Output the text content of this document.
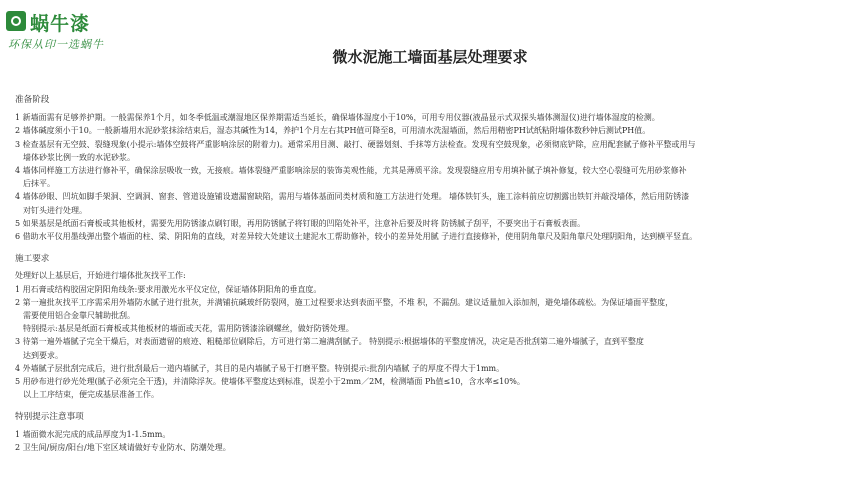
蜗牛漆
环保从印一选蜗牛
微水泥施工墙面基层处理要求

准备阶段

1 新墙面需有足够养护期。一般需保养1个月，如冬季低温或潮湿地区保养期需适当延长，确保墙体湿度小于10%，可用专用仪器(液晶显示式双探头墙体测湿仪)进行墙体湿度的检测。

2 墙体碱度须小于10。一般新墙用水泥砂浆抹涂结束后，湿态其碱性为14，养护1个月左右其PH值可降至8，可用清水洗湿墙面，然后用精密PH试纸粘附墙体数秒钟后测试PH值。

3 检查基层有无空鼓、裂缝现象(小提示:墙体空鼓将严重影响涂层的附着力)。通常采用目测、敲打、硬器划刻、手抹等方法检查。发现有空鼓现象，必须彻底铲除，应用配套腻子修补平整或用与

墙体砂浆比例一致的水泥砂浆。

4 墙体同样施工方法进行修补平，确保涂层吸收一致，无接痕。墙体裂缝严重影响涂层的装饰美观性能，尤其是薄质平涂。发现裂缝应用专用填补腻子填补修复，较大空心裂缝可先用砂浆修补

后抹平。

4 墙体砂眼、凹坑如脚手架洞、空调洞、窗套、管道设施铺设遗漏窗缺陷，需用与墙体基面同类材质和施工方法进行处理。 墙体铁钉头，施工涂料前应切割露出铁钉并敲没墙体，然后用防锈漆

对钉头进行处理。

5 如果基层是纸面石膏板或其他板材，需要先用防锈漆点刷钉眼，再用防锈腻子将钉眼的凹陷处补平，注意补后要及时将 防锈腻子刮平，不要突出于石膏板表面。

6 借助水平仪用墨线弹出整个墙面的柱、梁、阴阳角的直线，对差异较大处建议土建泥水工帮助修补，较小的差异处用腻 子进行直接修补，使用阴角靠尺及阳角靠尺处理阴阳角，达到横平竖直。

施工要求

处理好以上基层后，开始进行墙体批灰找平工作:

1 用石膏或结构胶固定阴阳角线条:要求用激光水平仪定位，保证墙体阴阳角的垂直度。

2 第一遍批灰找平工序需采用外墙防水腻子进行批灰，并满铺抗碱玻纤防裂网，施工过程要求达到表面平整，不堆 积，不漏刮。建议适量加入添加剂，避免墙体疏松。为保证墙面平整度，

需要使用铝合金靠尺辅助批刮。

特别提示:基层是纸面石膏板或其他板材的墙面或天花，需用防锈漆涂刷螺丝，做好防锈处理。

3 待第一遍外墙腻子完全干燥后，对表面遗留的痕迹、粗糙部位刷除后，方可进行第二遍满刮腻子。 特别提示:根据墙体的平整度情况，决定是否批刮第二遍外墙腻子，直到平整度

达到要求。

4 外墙腻子层批刮完成后，进行批刮最后一道内墙腻子，其目的是内墙腻子易于打磨平整。特别提示:批刮内墙腻 子的厚度不得大于1mm。

5 用砂布进行砂光处理(腻子必须完全干透)，并清除浮灰。使墙体平整度达到标准，误差小于2mm／2M，检测墙面 Ph值≤10，含水率≤10%。

以上工序结束，便完成基层准备工作。

特别提示注意事项

1 墙面微水泥完成的成品厚度为1-1.5mm。

2 卫生间/厨房/阳台/地下室区域请做好专业防水、防潮处理。
